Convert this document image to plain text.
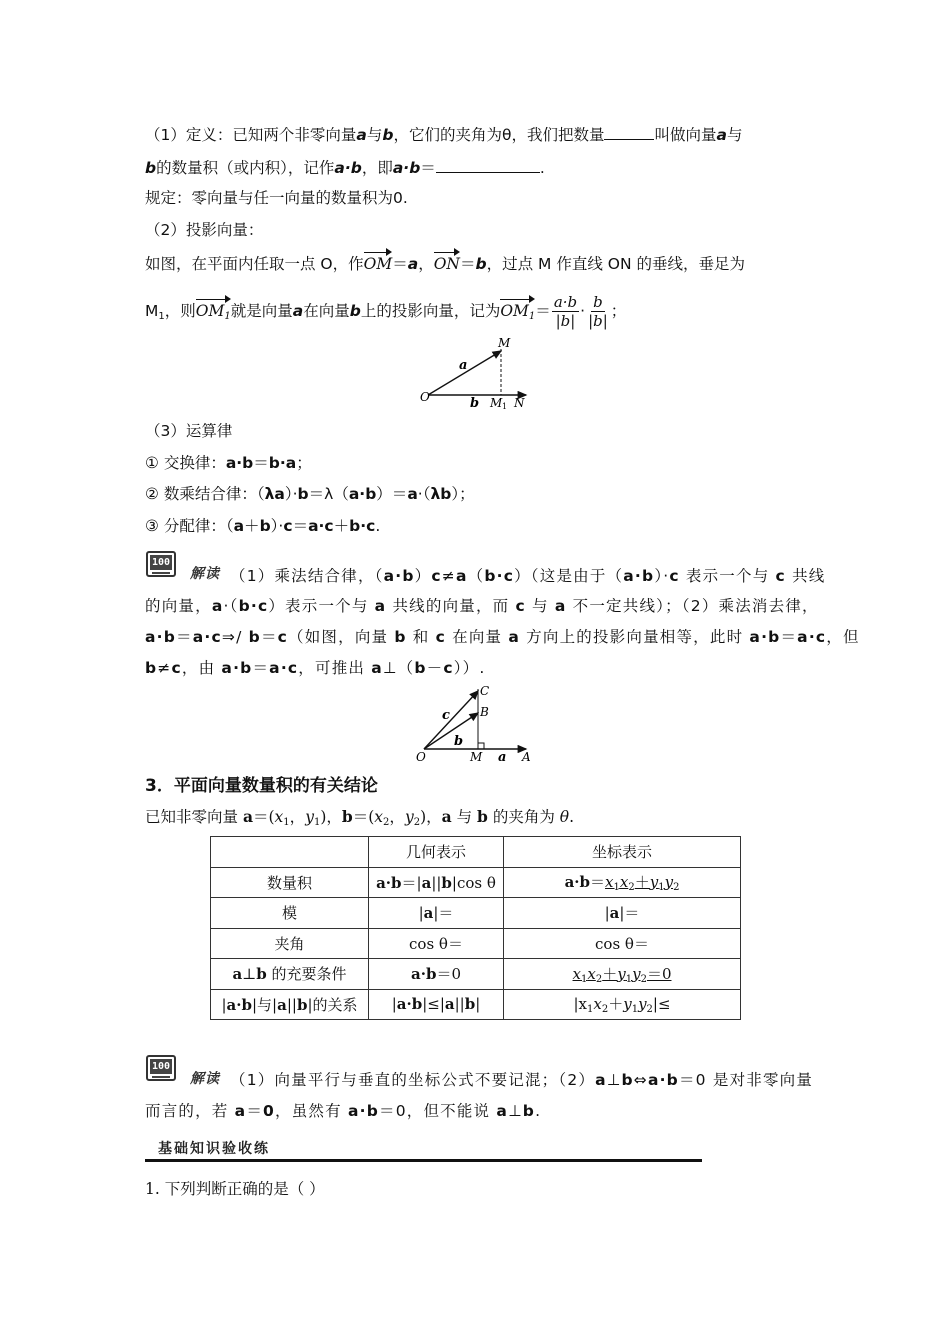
（1）定义：已知两个非零向量a与b，它们的夹角为θ，我们把数量	叫做向量a与
b的数量积（或内积），记作a·b，即a·b＝	.
规定：零向量与任一向量的数量积为0.
（2）投影向量：
如图，在平面内任取一点 O，作OM＝a，ON＝b，过点 M 作直线 ON 的垂线，垂足为
$M_1$，则$OM_1$就是向量a在向量b上的投影向量，记为$OM_1= \frac{a\cdot b}{|b|} \cdot \frac{b}{|b|}$ ；
O
M
M 1 N
a
b
（3）运算律
① 交换律：a·b＝b·a；
② 数乘结合律：（λa）·b＝λ（a·b）＝a·（λb）；
③ 分配律：（a＋b）·c＝a·c＋b·c.
100
解读 （1）乘法结合律，（a·b）c≠a（b·c）（这是由于（a·b）·c 表示一个与 c 共线
的向量，a·（b·c）表示一个与 a 共线的向量，而 c 与 a 不一定共线）；（2）乘法消去律，
a·b＝a·c⇒/ b＝c（如图，向量 b 和 c 在向量 a 方向上的投影向量相等，此时 a·b＝a·c，但
b≠c，由 a·b＝a·c，可推出 a⊥（b－c））.
O	M	A
B
C
c
b
a
3．平面向量数量积的有关结论
已知非零向量 $a=(x_1$，$y_1$)，$b=(x_2$，$y_2$)，a 与 b 的夹角为 θ.
	几何表示	坐标表示
数量积	a·b＝|a||b|cos θ	$a\cdot b=x_1x_2+y_1y_2$
模	|a|＝	|a|＝
夹角	cos θ＝	cos θ＝
a⊥b 的充要条件	a·b＝0	$x_1x_2+y_1y_2=0$
|a·b|与|a||b|的关系	|a·b|≤|a||b|	$|x_1x_2+y_1y_2|\le$
100
解读 （1）向量平行与垂直的坐标公式不要记混；（2）a⊥b⇔a·b＝0 是对非零向量
而言的，若 a＝0，虽然有 a·b＝0，但不能说 a⊥b.
基础知识验收练
1. 下列判断正确的是（ ）
